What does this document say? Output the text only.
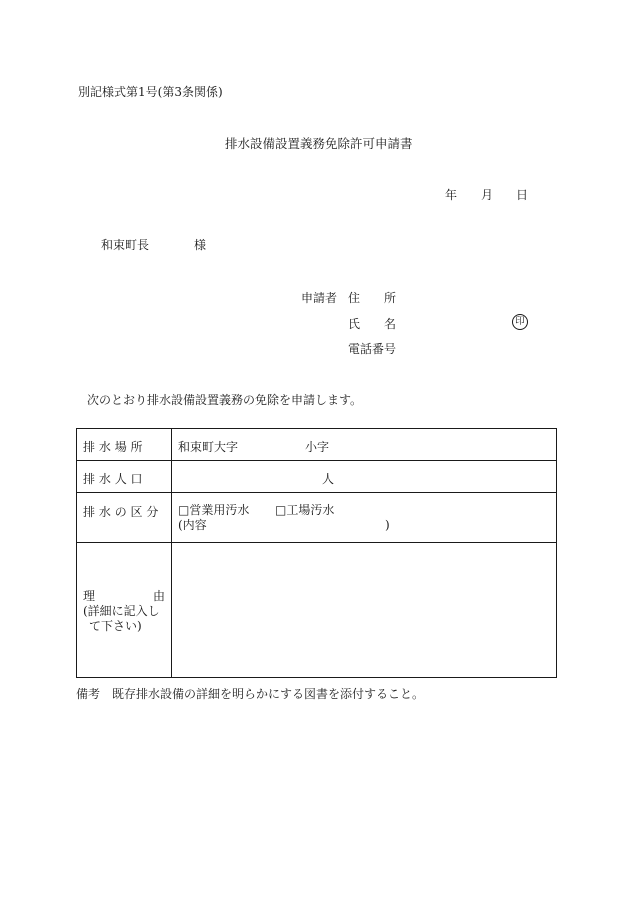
別記様式第1号(第3条関係)
排水設備設置義務免除許可申請書
年 月 日
和束町長	様
申請者 住 所
氏 名
電話番号
印
次のとおり排水設備設置義務の免除を申請します。
排 水 場 所	和束町大字 小字

排 水 人 口	人

排 水 の 区 分	□営業用汚水 □工場汚水
(内容 )

理 由
(詳細に記入し
て下さい)	

備考 既存排水設備の詳細を明らかにする図書を添付すること。
